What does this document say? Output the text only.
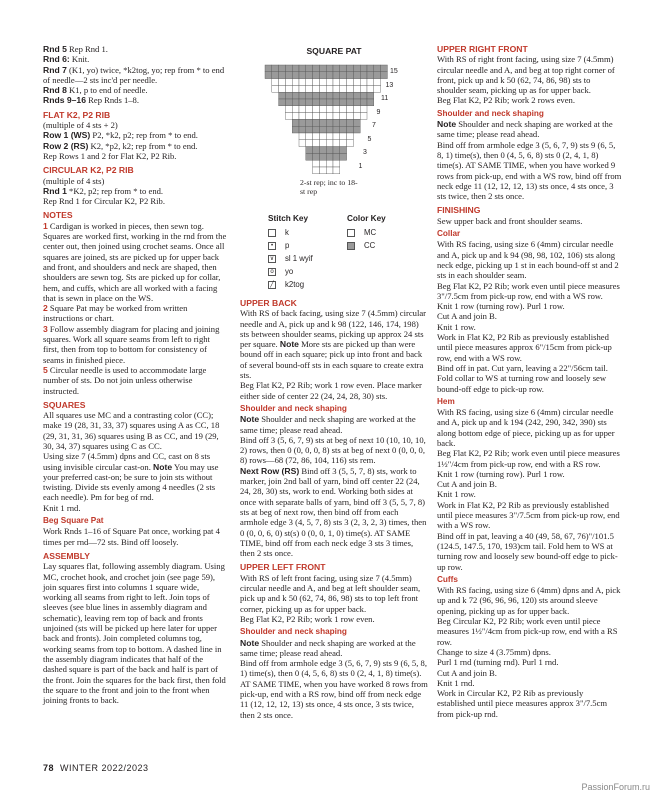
Rnd 5 Rep Rnd 1.

Rnd 6: Knit.

Rnd 7 (K1, yo) twice, *k2tog, yo; rep from * to end of needle—2 sts inc'd per needle.

Rnd 8 K1, p to end of needle.

Rnds 9–16 Rep Rnds 1–8.

FLAT K2, P2 RIB

(multiple of 4 sts + 2)

Row 1 (WS) P2, *k2, p2; rep from * to end.

Row 2 (RS) K2, *p2, k2; rep from * to end.

Rep Rows 1 and 2 for Flat K2, P2 Rib.

CIRCULAR K2, P2 RIB

(multiple of 4 sts)

Rnd 1 *K2, p2; rep from * to end.

Rep Rnd 1 for Circular K2, P2 Rib.

NOTES

1 Cardigan is worked in pieces, then sewn tog. Squares are worked first, working in the rnd from the center out, then joined using crochet seams. Once all squares are joined, sts are picked up for upper back and front, and shoulders and neck are shaped, then shoulders are sewn tog. Sts are picked up for collar, hem, and cuffs, which are all worked with a facing that is sewn in place on the WS.

2 Square Pat may be worked from written instructions or chart.

3 Follow assembly diagram for placing and joining squares. Work all square seams from left to right first, then from top to bottom for consistency of seams in finished piece.

5 Circular needle is used to accommodate large number of sts. Do not join unless otherwise instructed.

SQUARES

All squares use MC and a contrasting color (CC); make 19 (28, 31, 33, 37) squares using A as CC, 18 (29, 31, 31, 36) squares using B as CC, and 19 (29, 30, 34, 37) squares using C as CC.

Using size 7 (4.5mm) dpns and CC, cast on 8 sts using invisible circular cast-on. Note You may use your preferred cast-on; be sure to join sts without twisting. Divide sts evenly among 4 needles (2 sts each needle). Pm for beg of rnd.

Knit 1 rnd.

Beg Square Pat

Work Rnds 1–16 of Square Pat once, working pat 4 times per rnd—72 sts. Bind off loosely.

ASSEMBLY

Lay squares flat, following assembly diagram. Using MC, crochet hook, and crochet join (see page 59), join squares first into columns 1 square wide, working all seams from right to left. Join tops of sleeves (see blue lines in assembly diagram and schematic), leaving rem top of back and fronts unjoined (sts will be picked up here later for upper back and fronts). Join completed columns tog, working seams from top to bottom. A dashed line in the assembly diagram indicates that half of the dashed square is part of the back and half is part of the front. Join the squares for the back first, then fold the square to the front and join to the front when joining fronts to back.

SQUARE PAT
15
13
11
9
7
5
3
1
2-st rep; inc to 18-st rep
Stitch Key
k
•	p
∨ sl 1 wyif
o yo
╱ k2tog
Color Key
MC
CC
UPPER BACK

With RS of back facing, using size 7 (4.5mm) circular needle and A, pick up and k 98 (122, 146, 174, 198) sts between shoulder seams, picking up approx 24 sts per square. Note More sts are picked up than were bound off in each square; pick up into front and back of several bound-off sts in each square to create extra sts.

Beg Flat K2, P2 Rib; work 1 row even. Place marker either side of center 22 (24, 24, 28, 30) sts.

Shoulder and neck shaping

Note Shoulder and neck shaping are worked at the same time; please read ahead.

Bind off 3 (5, 6, 7, 9) sts at beg of next 10 (10, 10, 10, 2) rows, then 0 (0, 0, 0, 8) sts at beg of next 0 (0, 0, 0, 8) rows—68 (72, 86, 104, 116) sts rem.

Next Row (RS) Bind off 3 (5, 5, 7, 8) sts, work to marker, join 2nd ball of yarn, bind off center 22 (24, 24, 28, 30) sts, work to end. Working both sides at once with separate balls of yarn, bind off 3 (5, 5, 7, 8) sts at beg of next row, then bind off from each armhole edge 3 (4, 5, 7, 8) sts 3 (2, 3, 2, 3) times, then 0 (0, 0, 6, 0) st(s) 0 (0, 0, 1, 0) time(s). AT SAME TIME, bind off from each neck edge 3 sts 3 times, then 2 sts once.

UPPER LEFT FRONT

With RS of left front facing, using size 7 (4.5mm) circular needle and A, and beg at left shoulder seam, pick up and k 50 (62, 74, 86, 98) sts to top left front corner, picking up as for upper back.

Beg Flat K2, P2 Rib; work 1 row even.

Shoulder and neck shaping

Note Shoulder and neck shaping are worked at the same time; please read ahead.

Bind off from armhole edge 3 (5, 6, 7, 9) sts 9 (6, 5, 8, 1) time(s), then 0 (4, 5, 6, 8) sts 0 (2, 4, 1, 8) time(s). AT SAME TIME, when you have worked 8 rows from pick-up, end with a RS row, bind off from neck edge 11 (12, 12, 12, 13) sts once, 4 sts once, 3 sts twice, then 2 sts once.

UPPER RIGHT FRONT

With RS of right front facing, using size 7 (4.5mm) circular needle and A, and beg at top right corner of front, pick up and k 50 (62, 74, 86, 98) sts to shoulder seam, picking up as for upper back.

Beg Flat K2, P2 Rib; work 2 rows even.

Shoulder and neck shaping

Note Shoulder and neck shaping are worked at the same time; please read ahead.

Bind off from armhole edge 3 (5, 6, 7, 9) sts 9 (6, 5, 8, 1) time(s), then 0 (4, 5, 6, 8) sts 0 (2, 4, 1, 8) time(s). AT SAME TIME, when you have worked 9 rows from pick-up, end with a WS row, bind off from neck edge 11 (12, 12, 12, 13) sts once, 4 sts once, 3 sts twice, then 2 sts once.

FINISHING

Sew upper back and front shoulder seams.

Collar

With RS facing, using size 6 (4mm) circular needle and A, pick up and k 94 (98, 98, 102, 106) sts along neck edge, picking up 1 st in each bound-off st and 2 sts in each shoulder seam.

Beg Flat K2, P2 Rib; work even until piece measures 3"/7.5cm from pick-up row, end with a WS row.

Knit 1 row (turning row). Purl 1 row.

Cut A and join B.

Knit 1 row.

Work in Flat K2, P2 Rib as previously established until piece measures approx 6"/15cm from pick-up row, end with a WS row.

Bind off in pat. Cut yarn, leaving a 22"/56cm tail. Fold collar to WS at turning row and loosely sew bound-off edge to pick-up row.

Hem

With RS facing, using size 6 (4mm) circular needle and A, pick up and k 194 (242, 290, 342, 390) sts along bottom edge of piece, picking up as for upper back.

Beg Flat K2, P2 Rib; work even until piece measures 1½"/4cm from pick-up row, end with a RS row.

Knit 1 row (turning row). Purl 1 row.

Cut A and join B.

Knit 1 row.

Work in Flat K2, P2 Rib as previously established until piece measures 3"/7.5cm from pick-up row, end with a WS row.

Bind off in pat, leaving a 40 (49, 58, 67, 76)"/101.5 (124.5, 147.5, 170, 193)cm tail. Fold hem to WS at turning row and loosely sew bound-off edge to pick-up row.

Cuffs

With RS facing, using size 6 (4mm) dpns and A, pick up and k 72 (96, 96, 96, 120) sts around sleeve opening, picking up as for upper back.

Beg Circular K2, P2 Rib; work even until piece measures 1½"/4cm from pick-up row, end with a RS row.

Change to size 4 (3.75mm) dpns.

Purl 1 rnd (turning rnd). Purl 1 rnd.

Cut A and join B.

Knit 1 rnd.

Work in Circular K2, P2 Rib as previously established until piece measures approx 3"/7.5cm from pick-up rnd.

78 WINTER 2022/2023
PassionForum.ru
